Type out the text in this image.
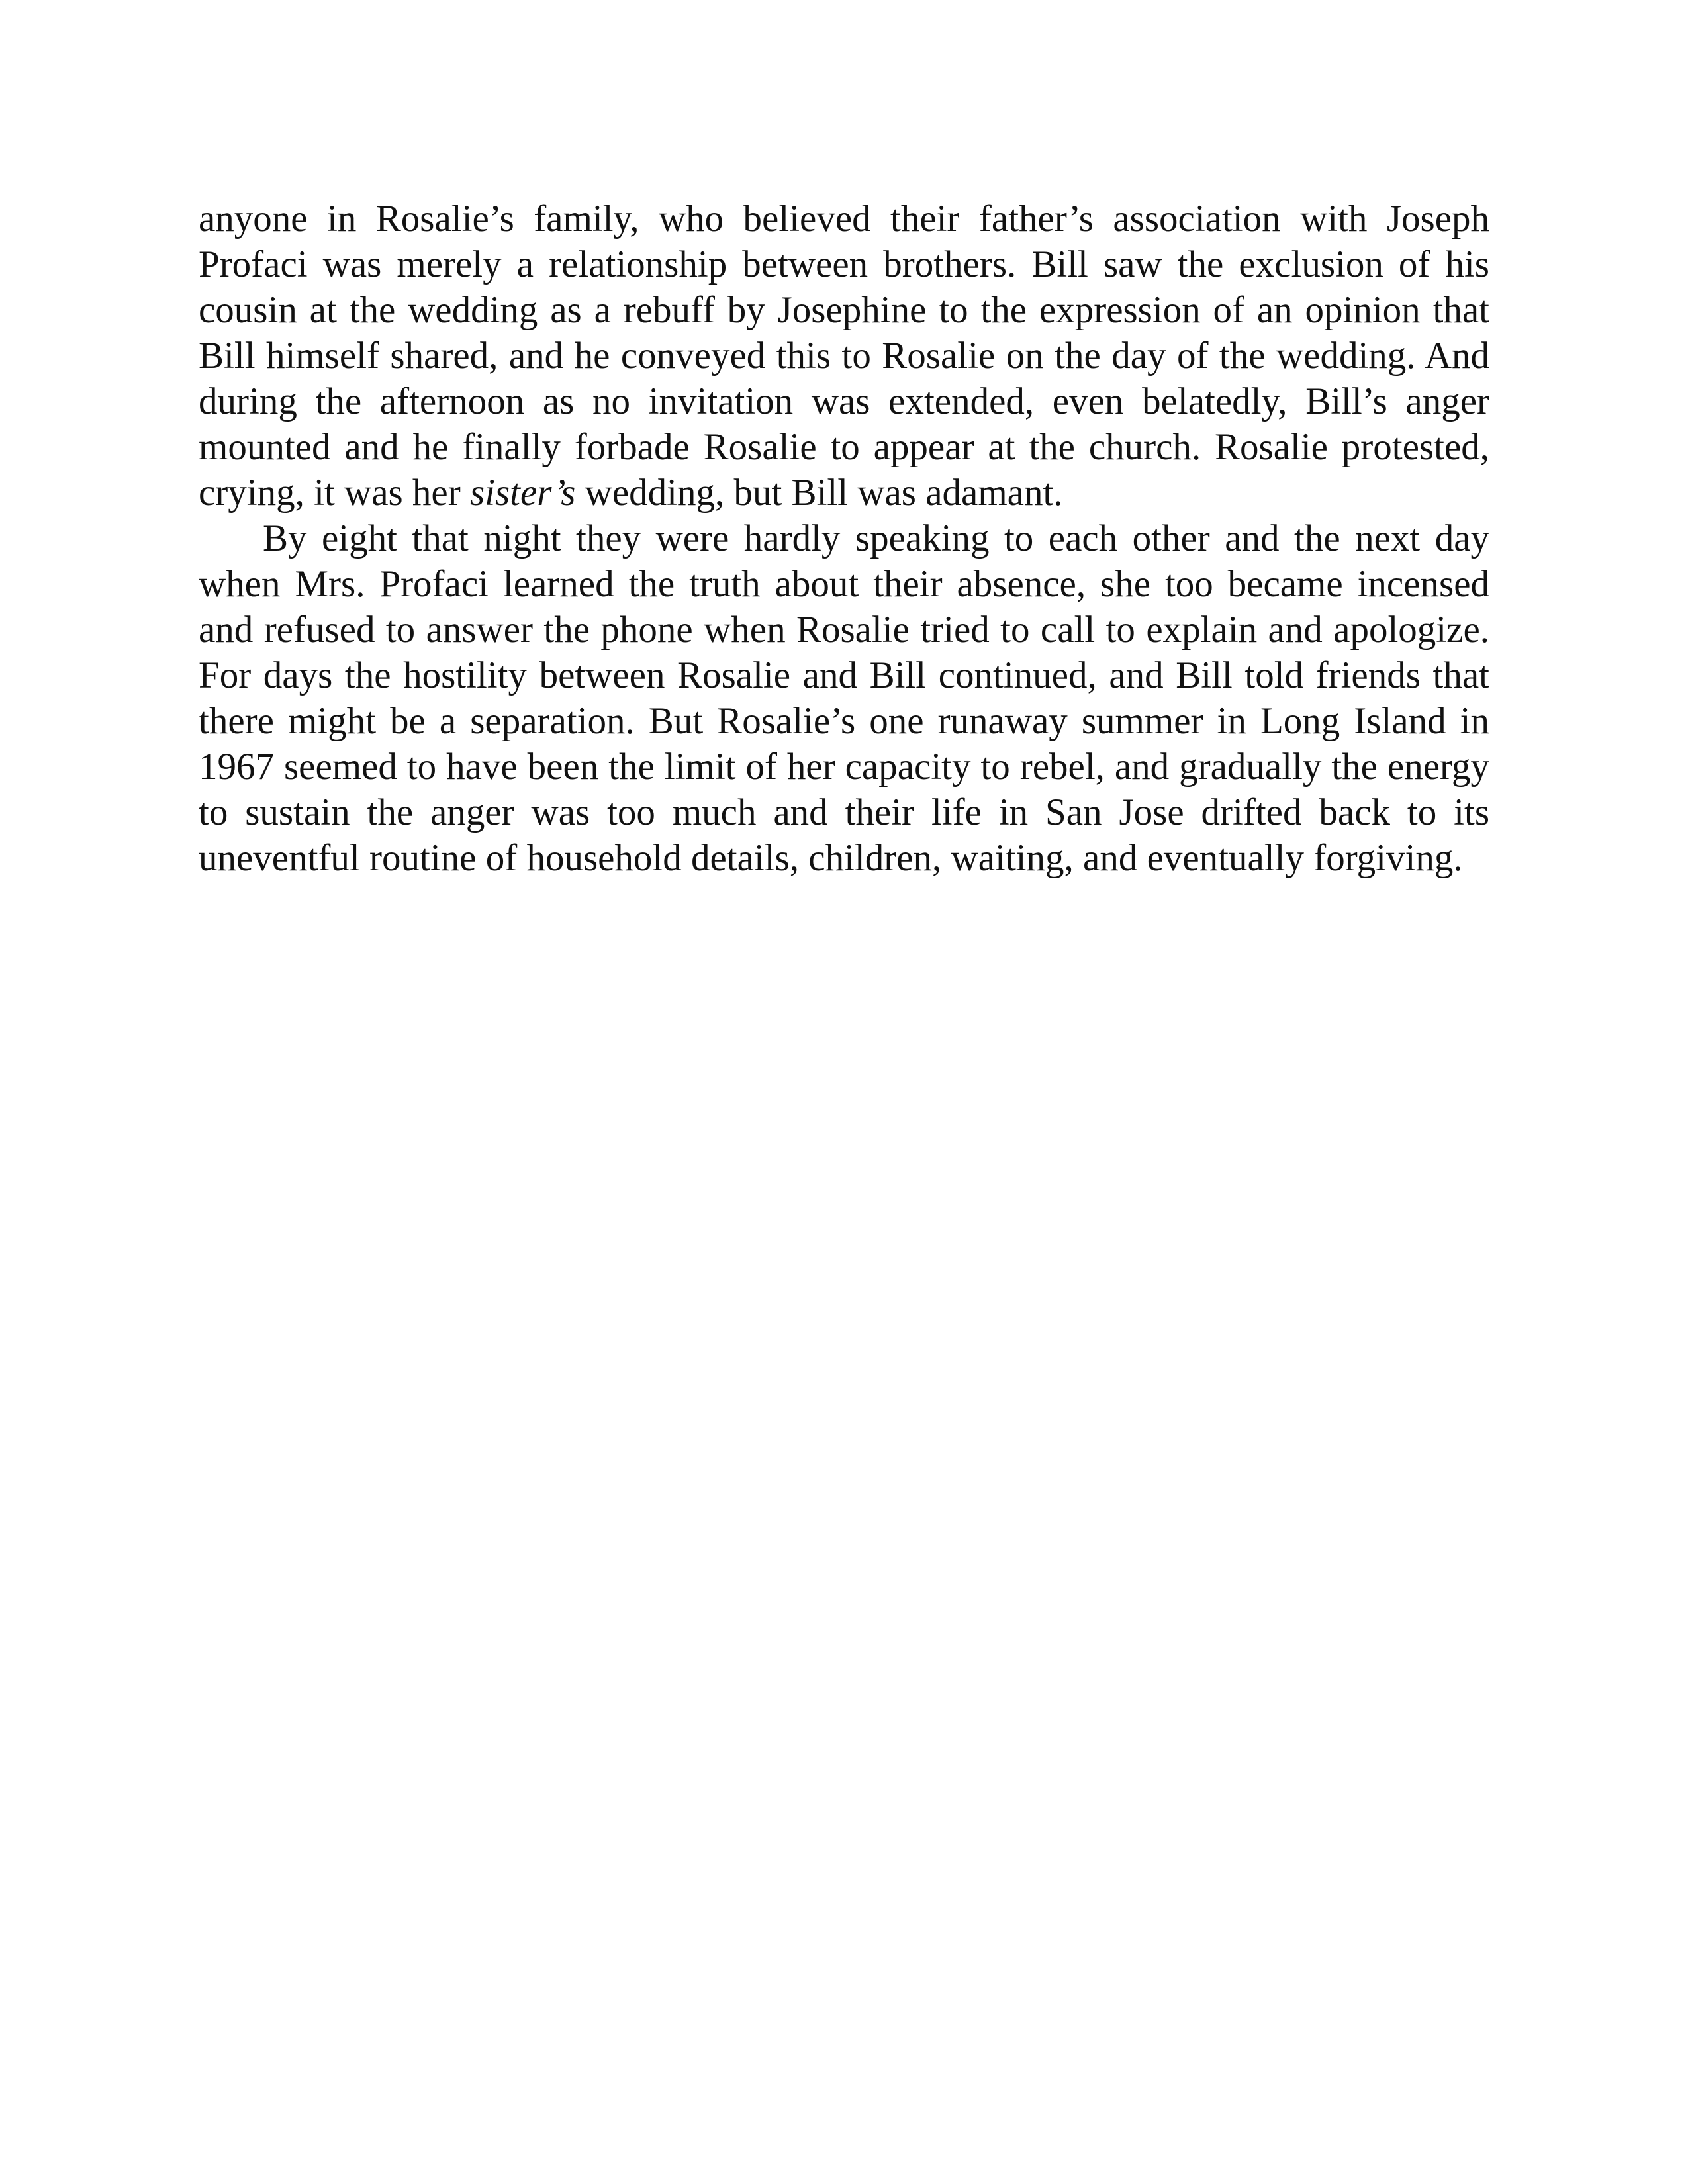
anyone in Rosalie’s family, who believed their father’s association with Joseph Profaci was merely a relationship between brothers. Bill saw the exclusion of his cousin at the wedding as a rebuff by Josephine to the expression of an opinion that Bill himself shared, and he conveyed this to Rosalie on the day of the wedding. And during the afternoon as no invitation was extended, even belatedly, Bill’s anger mounted and he finally forbade Rosalie to appear at the church. Rosalie protested, crying, it was her sister’s wedding, but Bill was adamant.

By eight that night they were hardly speaking to each other and the next day when Mrs. Profaci learned the truth about their absence, she too became incensed and refused to answer the phone when Rosalie tried to call to explain and apologize. For days the hostility between Rosalie and Bill continued, and Bill told friends that there might be a separation. But Rosalie’s one runaway summer in Long Island in 1967 seemed to have been the limit of her capacity to rebel, and gradually the energy to sustain the anger was too much and their life in San Jose drifted back to its uneventful routine of household details, children, waiting, and eventually forgiving.
